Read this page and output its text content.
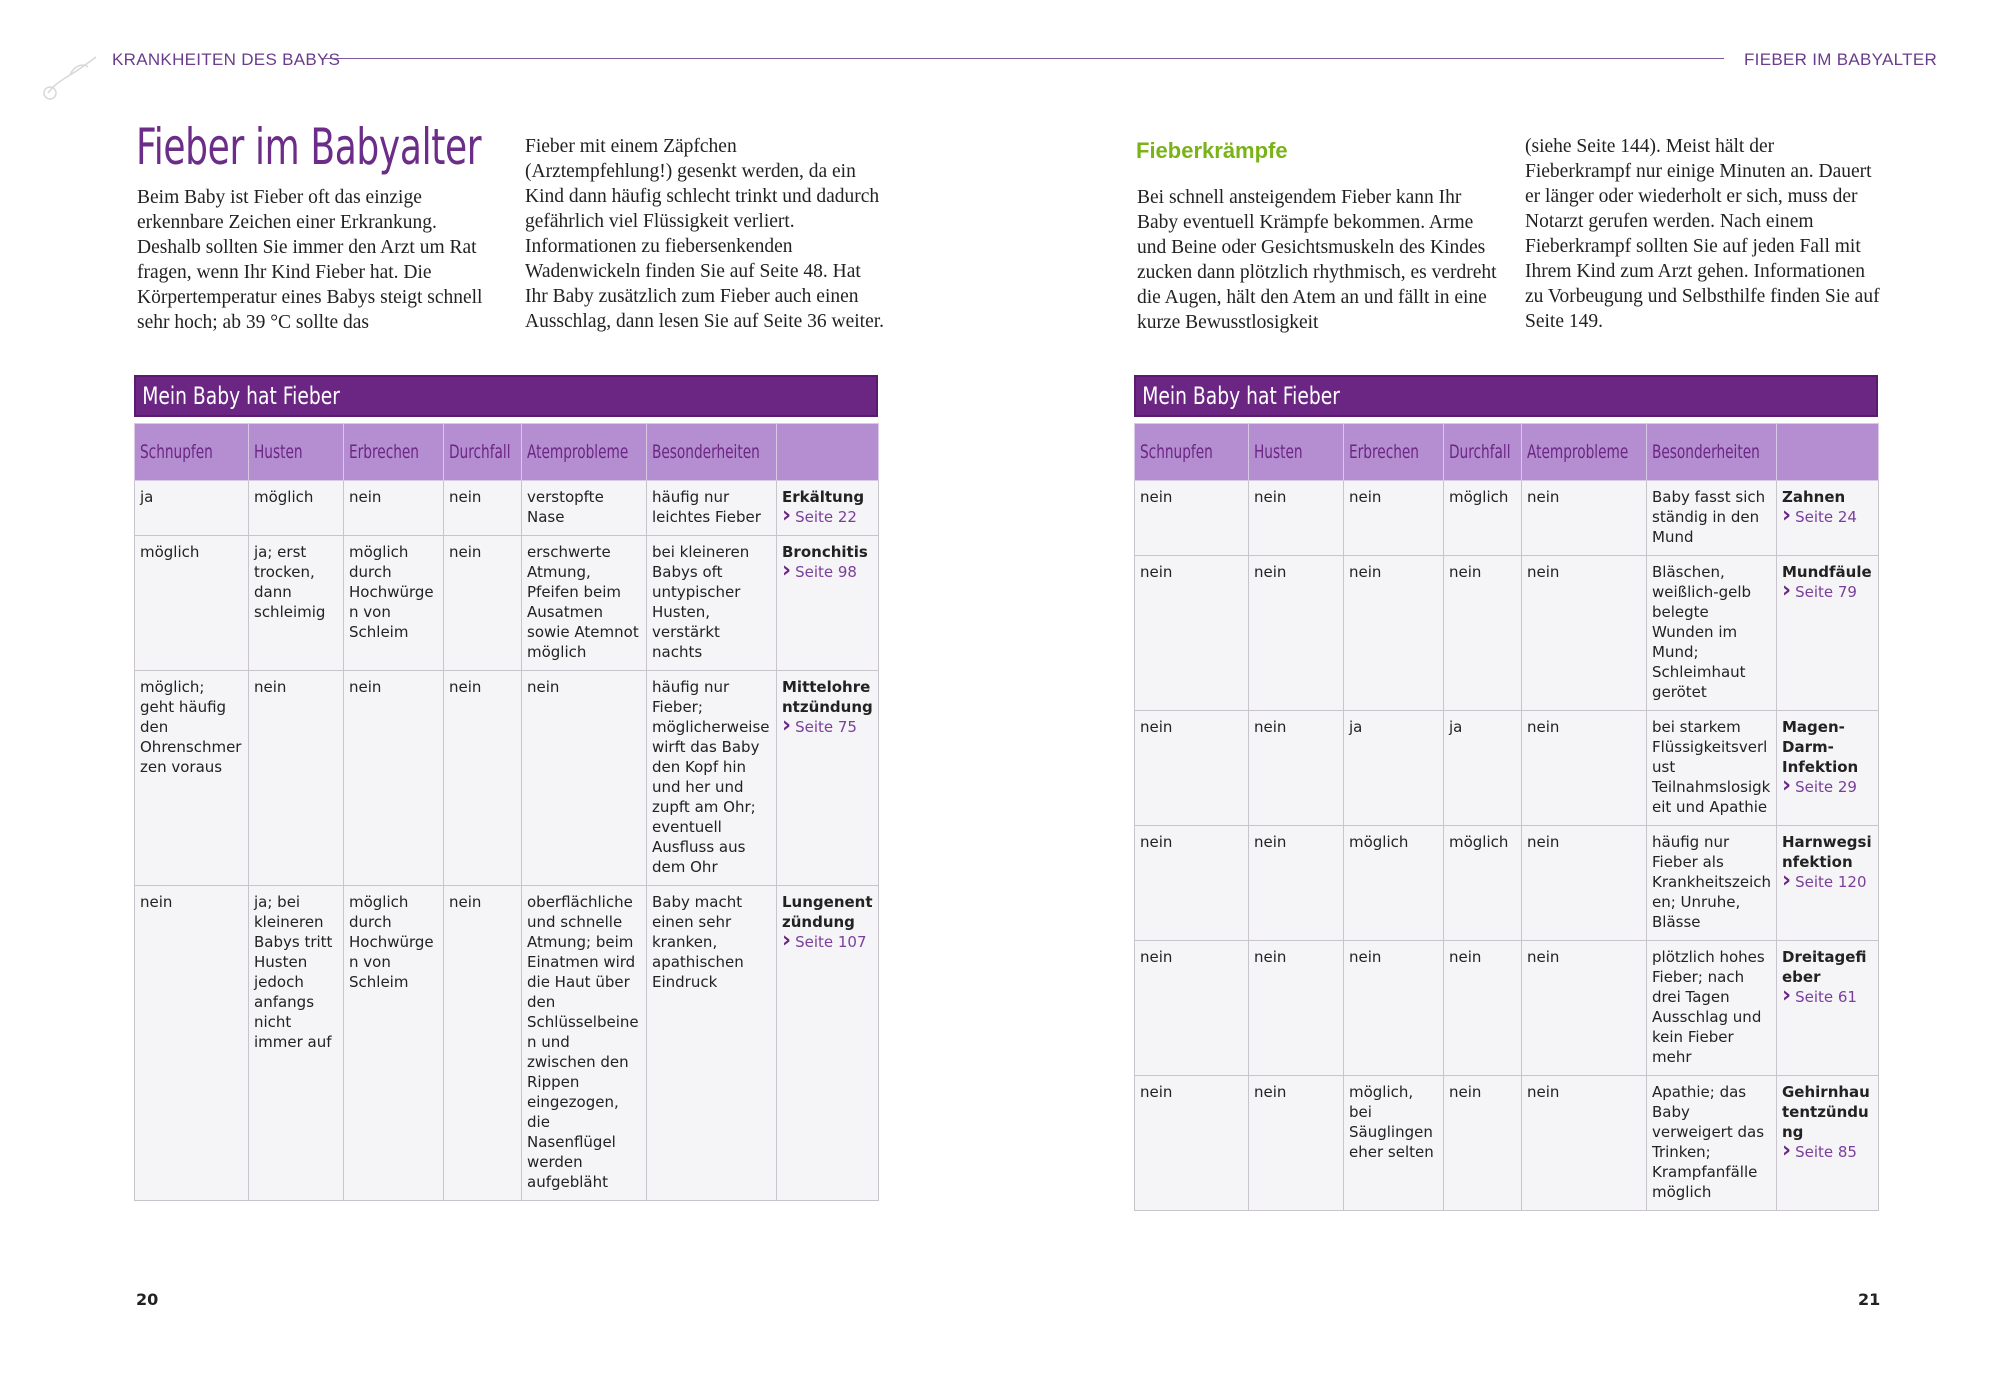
KRANKHEITEN DES BABYS
Fieber im Babyalter

Beim Baby ist Fieber oft das einzige erkennbare Zeichen einer Erkrankung. Deshalb sollten Sie immer den Arzt um Rat fragen, wenn Ihr Kind Fieber hat. Die Körpertemperatur eines Babys steigt schnell sehr hoch; ab 39 °C sollte das

Fieber mit einem Zäpfchen (Arztempfehlung!) gesenkt werden, da ein Kind dann häufig schlecht trinkt und dadurch gefährlich viel Flüssigkeit verliert. Informationen zu fiebersenkenden Wadenwickeln finden Sie auf Seite 48. Hat Ihr Baby zusätzlich zum Fieber auch einen Ausschlag, dann lesen Sie auf Seite 36 weiter.

Mein Baby hat Fieber
Schnupfen	Husten	Erbrechen	Durchfall	Atemprobleme	Besonderheiten	
ja	möglich	nein	nein	verstopfte Nase	häufig nur leichtes Fieber	Erkältung
› Seite 22

möglich	ja; erst trocken, dann schleimig	möglich durch Hochwürgen von Schleim	nein	erschwerte Atmung, Pfeifen beim Ausatmen sowie Atemnot möglich	bei kleineren Babys oft untypischer Husten, verstärkt nachts	Bronchitis
› Seite 98

möglich; geht häufig den Ohrenschmerzen voraus	nein	nein	nein	nein	häufig nur Fieber; möglicherweise wirft das Baby den Kopf hin und her und zupft am Ohr; eventuell Ausfluss aus dem Ohr	Mittelohrentzündung
› Seite 75

nein	ja; bei kleineren Babys tritt Husten jedoch anfangs nicht immer auf	möglich durch Hochwürgen von Schleim	nein	oberflächliche und schnelle Atmung; beim Einatmen wird die Haut über den Schlüsselbeinen und zwischen den Rippen eingezogen, die Nasenflügel werden aufgebläht	Baby macht einen sehr kranken, apathischen Eindruck	Lungenentzündung
› Seite 107
20
FIEBER IM BABYALTER
Fieberkrämpfe

Bei schnell ansteigendem Fieber kann Ihr Baby eventuell Krämpfe bekommen. Arme und Beine oder Gesichtsmuskeln des Kindes zucken dann plötzlich rhythmisch, es verdreht die Augen, hält den Atem an und fällt in eine kurze Bewusstlosigkeit

(siehe Seite 144). Meist hält der Fieberkrampf nur einige Minuten an. Dauert er länger oder wiederholt er sich, muss der Notarzt gerufen werden. Nach einem Fieberkrampf sollten Sie auf jeden Fall mit Ihrem Kind zum Arzt gehen. Informationen zu Vorbeugung und Selbsthilfe finden Sie auf Seite 149.

Mein Baby hat Fieber
Schnupfen	Husten	Erbrechen	Durchfall	Atemprobleme	Besonderheiten	
nein	nein	nein	möglich	nein	Baby fasst sich ständig in den Mund	Zahnen
› Seite 24

nein	nein	nein	nein	nein	Bläschen, weißlich-gelb belegte Wunden im Mund; Schleimhaut gerötet	Mundfäule
› Seite 79

nein	nein	ja	ja	nein	bei starkem Flüssigkeitsverlust Teilnahmslosigkeit und Apathie	Magen-Darm-Infektion
› Seite 29

nein	nein	möglich	möglich	nein	häufig nur Fieber als Krankheitszeichen; Unruhe, Blässe	Harnwegsinfektion
› Seite 120

nein	nein	nein	nein	nein	plötzlich hohes Fieber; nach drei Tagen Ausschlag und kein Fieber mehr	Dreitagefieber
› Seite 61

nein	nein	möglich, bei Säuglingen eher selten	nein	nein	Apathie; das Baby verweigert das Trinken; Krampfanfälle möglich	Gehirnhautentzündung
› Seite 85
21
